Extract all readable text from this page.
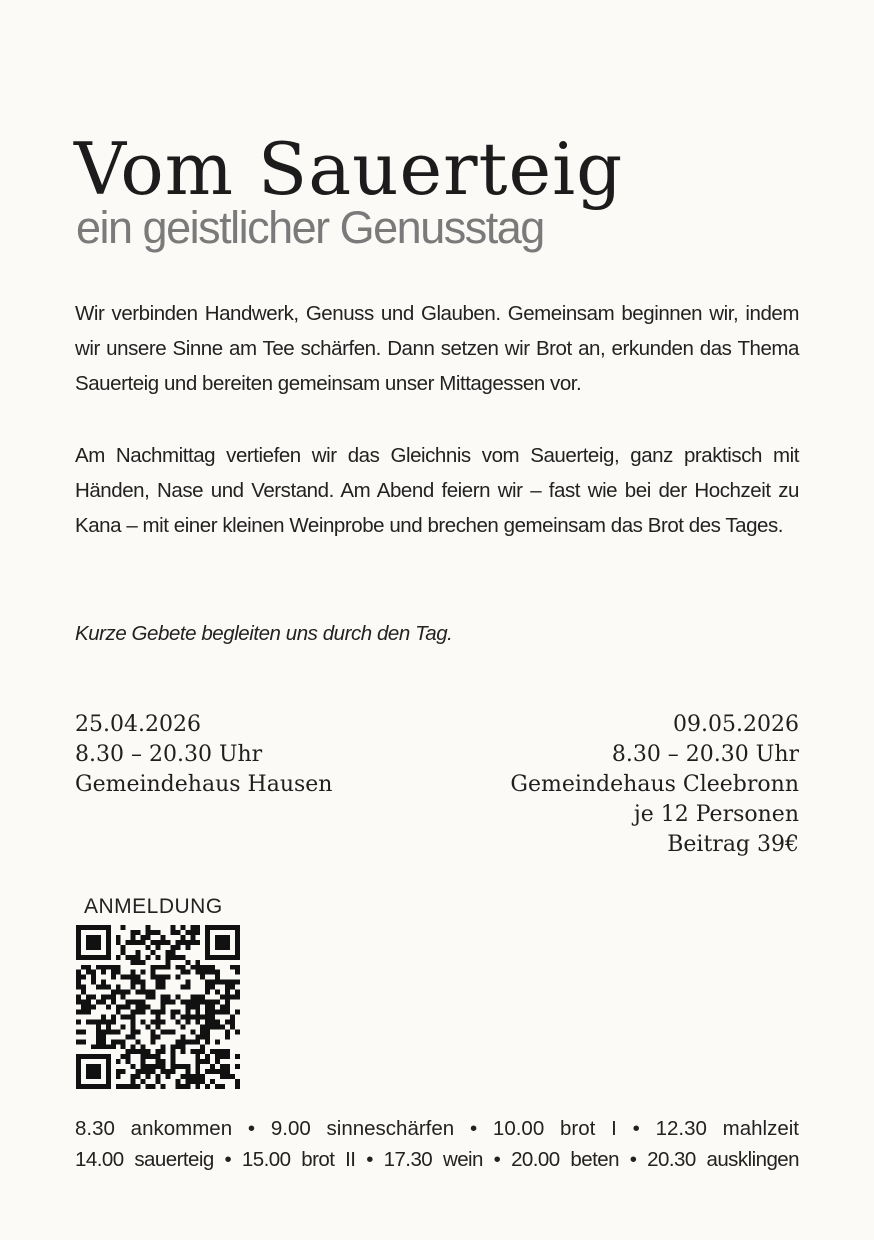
Vom Sauerteig
ein geistlicher Genusstag

Wir verbinden Handwerk, Genuss und Glauben. Gemeinsam beginnen wir, indem wir unsere Sinne am Tee schärfen. Dann setzen wir Brot an, erkunden das Thema Sauerteig und bereiten gemeinsam unser Mittagessen vor.

Am Nachmittag vertiefen wir das Gleichnis vom Sauerteig, ganz praktisch mit Händen, Nase und Verstand. Am Abend feiern wir – fast wie bei der Hochzeit zu Kana – mit einer kleinen Weinprobe und brechen gemeinsam das Brot des Tages.

Kurze Gebete begleiten uns durch den Tag.

25.04.2026
8.30 – 20.30 Uhr
Gemeindehaus Hausen
09.05.2026
8.30 – 20.30 Uhr
Gemeindehaus Cleebronn
je 12 Personen
Beitrag 39€
ANMELDUNG
8.30 ankommen • 9.00 sinneschärfen • 10.00 brot I • 12.30 mahlzeit
14.00 sauerteig • 15.00 brot II • 17.30 wein • 20.00 beten • 20.30 ausklingen
